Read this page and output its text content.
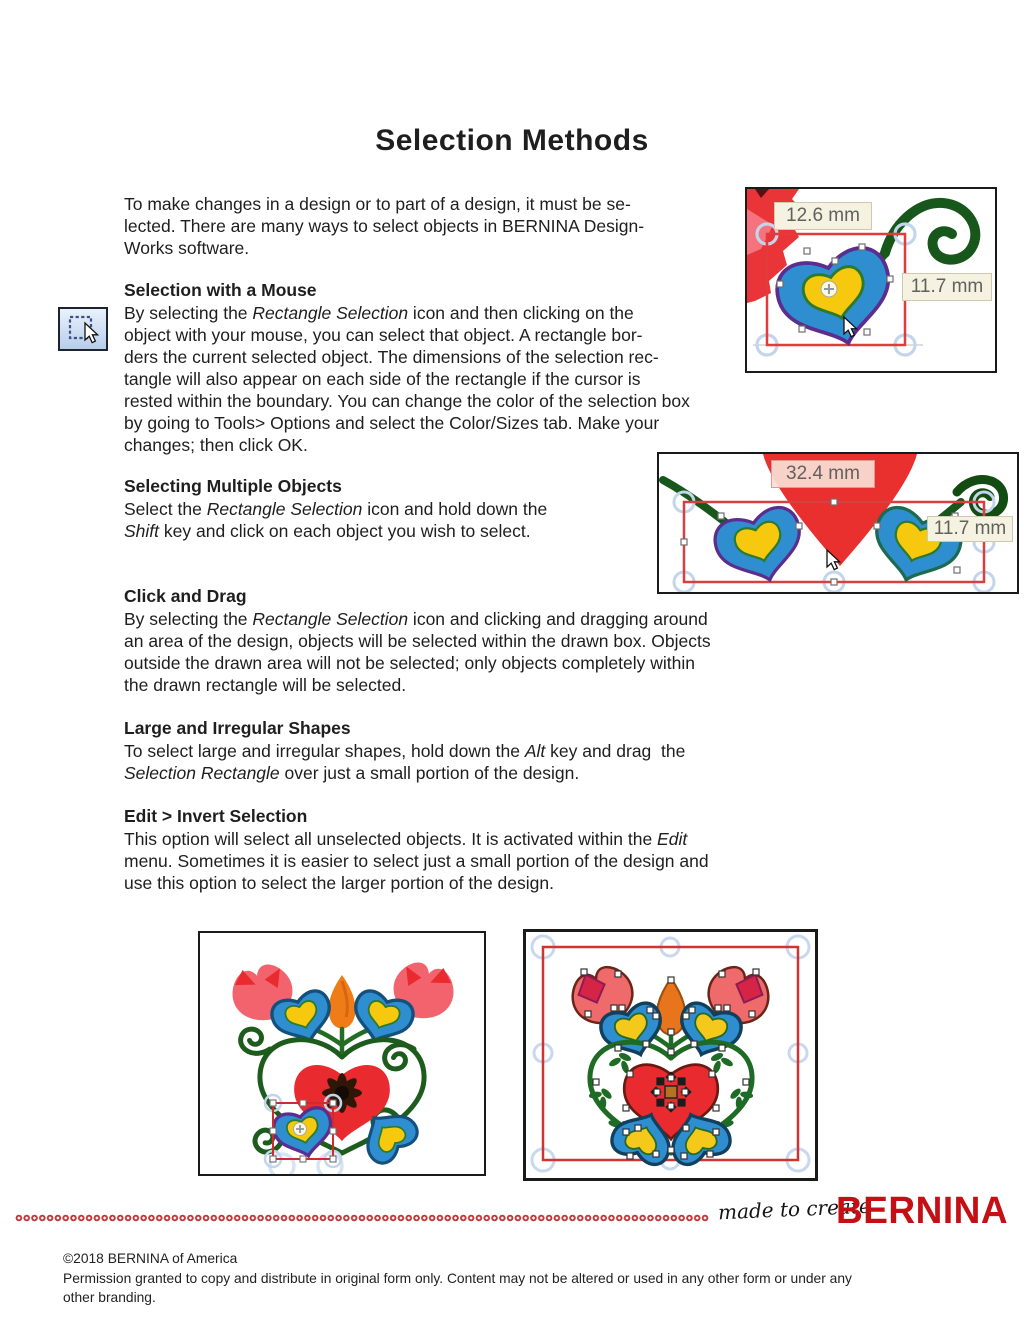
Selection Methods
To make changes in a design or to part of a design, it must be se-
lected. There are many ways to select objects in BERNINA Design-
Works software.
Selection with a Mouse
By selecting the Rectangle Selection icon and then clicking on the
object with your mouse, you can select that object. A rectangle bor-
ders the current selected object. The dimensions of the selection rec-
tangle will also appear on each side of the rectangle if the cursor is
rested within the boundary. You can change the color of the selection box
by going to Tools> Options and select the Color/Sizes tab. Make your
changes; then click OK.
Selecting Multiple Objects
Select the Rectangle Selection icon and hold down the
Shift key and click on each object you wish to select.
Click and Drag
By selecting the Rectangle Selection icon and clicking and dragging around
an area of the design, objects will be selected within the drawn box. Objects
outside the drawn area will not be selected; only objects completely within
the drawn rectangle will be selected.
Large and Irregular Shapes
To select large and irregular shapes, hold down the Alt key and drag  the
Selection Rectangle over just a small portion of the design.
Edit > Invert Selection
This option will select all unselected objects. It is activated within the Edit
menu. Sometimes it is easier to select just a small portion of the design and
use this option to select the larger portion of the design.
12.6 mm
11.7 mm
32.4 mm
11.7 mm
made to create
BERNINA
©2018 BERNINA of America
Permission granted to copy and distribute in original form only. Content may not be altered or used in any other form or under any
other branding.
